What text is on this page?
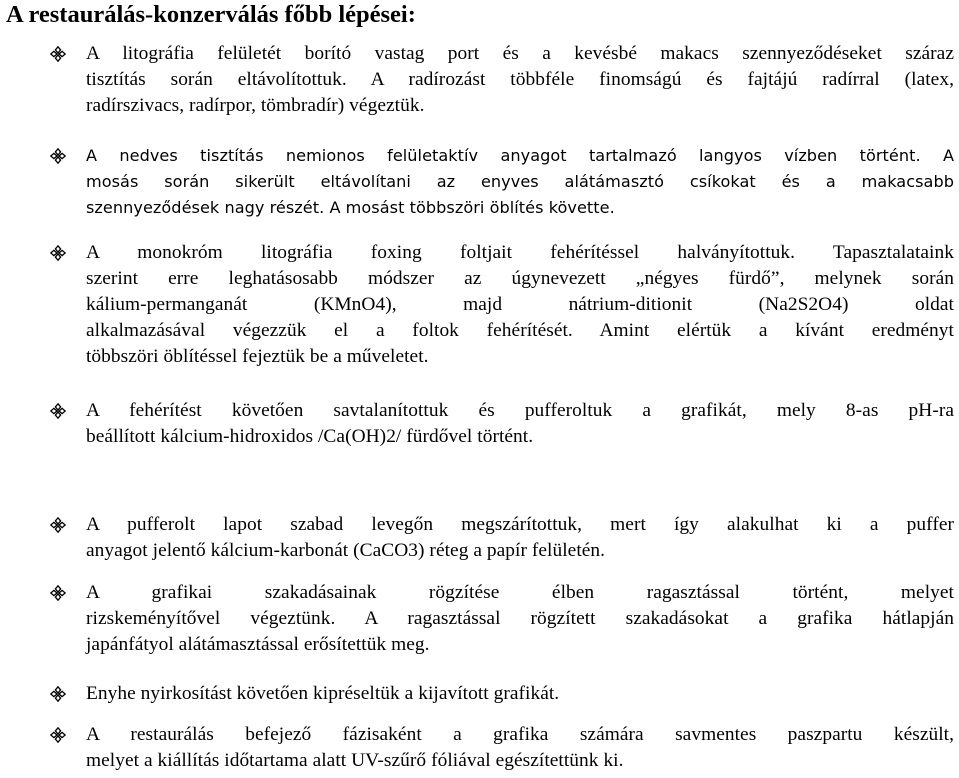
A restaurálás-konzerválás főbb lépései:

A litográfia felületét borító vastag port és a kevésbé makacs szennyeződéseket száraz
tisztítás során eltávolítottuk. A radírozást többféle finomságú és fajtájú radírral (latex,
radírszivacs, radírpor, tömbradír) végeztük.

A nedves tisztítás nemionos felületaktív anyagot tartalmazó langyos vízben történt. A
mosás során sikerült eltávolítani az enyves alátámasztó csíkokat és a makacsabb
szennyeződések nagy részét. A mosást többszöri öblítés követte.

A monokróm litográfia foxing foltjait fehérítéssel halványítottuk. Tapasztalataink
szerint erre leghatásosabb módszer az úgynevezett „négyes fürdő”, melynek során
kálium-permanganát (KMnO4), majd nátrium-ditionit (Na2S2O4) oldat
alkalmazásával végezzük el a foltok fehérítését. Amint elértük a kívánt eredményt
többszöri öblítéssel fejeztük be a műveletet.

A fehérítést követően savtalanítottuk és pufferoltuk a grafikát, mely 8-as pH-ra
beállított kálcium-hidroxidos /Ca(OH)2/ fürdővel történt.

A pufferolt lapot szabad levegőn megszárítottuk, mert így alakulhat ki a puffer
anyagot jelentő kálcium-karbonát (CaCO3) réteg a papír felületén.

A grafikai szakadásainak rögzítése élben ragasztással történt, melyet
rizskeményítővel végeztünk. A ragasztással rögzített szakadásokat a grafika hátlapján
japánfátyol alátámasztással erősítettük meg.

Enyhe nyirkosítást követően kipréseltük a kijavított grafikát.

A restaurálás befejező fázisaként a grafika számára savmentes paszpartu készült,
melyet a kiállítás időtartama alatt UV-szűrő fóliával egészítettünk ki.
